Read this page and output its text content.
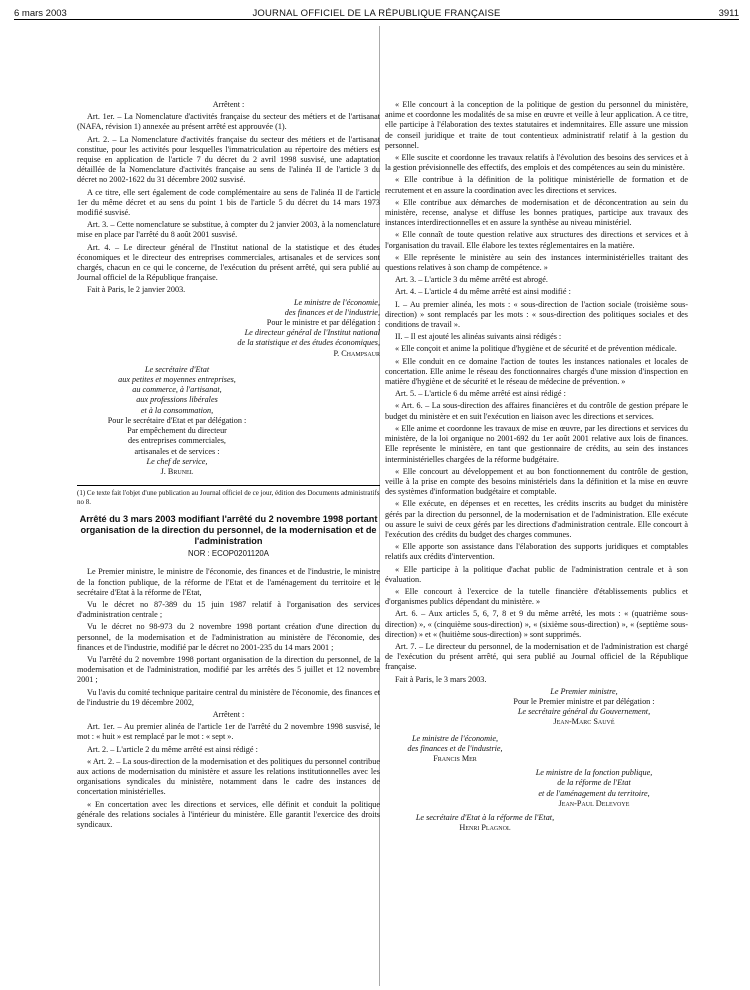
6 mars 2003	JOURNAL OFFICIEL DE LA RÉPUBLIQUE FRANÇAISE	3911

Arrêtent :

Art. 1er. – La Nomenclature d'activités française du secteur des métiers et de l'artisanat (NAFA, révision 1) annexée au présent arrêté est approuvée (1).

Art. 2. – La Nomenclature d'activités française du secteur des métiers et de l'artisanat constitue, pour les activités pour lesquelles l'immatriculation au répertoire des métiers est requise en application de l'article 7 du décret du 2 avril 1998 susvisé, une adaptation détaillée de la Nomenclature d'activités française au sens de l'alinéa II de l'article 3 du décret no 2002-1622 du 31 décembre 2002 susvisé.

A ce titre, elle sert également de code complémentaire au sens de l'alinéa II de l'article 1er du même décret et au sens du point 1 bis de l'article 5 du décret du 14 mars 1973 modifié susvisé.

Art. 3. – Cette nomenclature se substitue, à compter du 2 janvier 2003, à la nomenclature mise en place par l'arrêté du 8 août 2001 susvisé.

Art. 4. – Le directeur général de l'Institut national de la statistique et des études économiques et le directeur des entreprises commerciales, artisanales et de services sont chargés, chacun en ce qui le concerne, de l'exécution du présent arrêté, qui sera publié au Journal officiel de la République française.

Fait à Paris, le 2 janvier 2003.

Le ministre de l'économie,
des finances et de l'industrie,
Pour le ministre et par délégation :
Le directeur général de l'Institut national
de la statistique et des études économiques,
P. Champsaur
Le secrétaire d'Etat
aux petites et moyennes entreprises,
au commerce, à l'artisanat,
aux professions libérales
et à la consommation,
Pour le secrétaire d'Etat et par délégation :
Par empêchement du directeur
des entreprises commerciales,
artisanales et de services :
Le chef de service,
J. Brunel
(1) Ce texte fait l'objet d'une publication au Journal officiel de ce jour, édition des Documents administratifs no 8.
Arrêté du 3 mars 2003 modifiant l'arrêté du 2 novembre 1998 portant organisation de la direction du personnel, de la modernisation et de l'administration
NOR : ECOP0201120A

Le Premier ministre, le ministre de l'économie, des finances et de l'industrie, le ministre de la fonction publique, de la réforme de l'Etat et de l'aménagement du territoire et le secrétaire d'Etat à la réforme de l'Etat,

Vu le décret no 87-389 du 15 juin 1987 relatif à l'organisation des services d'administration centrale ;

Vu le décret no 98-973 du 2 novembre 1998 portant création d'une direction du personnel, de la modernisation et de l'administration au ministère de l'économie, des finances et de l'industrie, modifié par le décret no 2001-235 du 14 mars 2001 ;

Vu l'arrêté du 2 novembre 1998 portant organisation de la direction du personnel, de la modernisation et de l'administration, modifié par les arrêtés des 5 juillet et 12 novembre 2001 ;

Vu l'avis du comité technique paritaire central du ministère de l'économie, des finances et de l'industrie du 19 décembre 2002,

Arrêtent :

Art. 1er. – Au premier alinéa de l'article 1er de l'arrêté du 2 novembre 1998 susvisé, le mot : « huit » est remplacé par le mot : « sept ».

Art. 2. – L'article 2 du même arrêté est ainsi rédigé :

« Art. 2. – La sous-direction de la modernisation et des politiques du personnel contribue aux actions de modernisation du ministère et assure les relations institutionnelles avec les organisations syndicales du ministère, notamment dans le cadre des instances de concertation ministérielles.

« En concertation avec les directions et services, elle définit et conduit la politique générale des relations sociales à l'intérieur du ministère. Elle garantit l'exercice des droits syndicaux.

« Elle concourt à la conception de la politique de gestion du personnel du ministère, anime et coordonne les modalités de sa mise en œuvre et veille à leur application. A ce titre, elle participe à l'élaboration des textes statutaires et indemnitaires. Elle assure une mission de conseil juridique et traite de tout contentieux administratif relatif à la gestion du personnel.

« Elle suscite et coordonne les travaux relatifs à l'évolution des besoins des services et à la gestion prévisionnelle des effectifs, des emplois et des compétences au sein du ministère.

« Elle contribue à la définition de la politique ministérielle de formation et de recrutement et en assure la coordination avec les directions et services.

« Elle contribue aux démarches de modernisation et de déconcentration au sein du ministère, recense, analyse et diffuse les bonnes pratiques, participe aux travaux des instances interdirectionnelles et en assure la synthèse au niveau ministériel.

« Elle connaît de toute question relative aux structures des directions et services et à l'organisation du travail. Elle élabore les textes réglementaires en la matière.

« Elle représente le ministère au sein des instances interministérielles traitant des questions relatives à son champ de compétence. »

Art. 3. – L'article 3 du même arrêté est abrogé.

Art. 4. – L'article 4 du même arrêté est ainsi modifié :

I. – Au premier alinéa, les mots : « sous-direction de l'action sociale (troisième sous-direction) » sont remplacés par les mots : « sous-direction des politiques sociales et des conditions de travail ».

II. – Il est ajouté les alinéas suivants ainsi rédigés :

« Elle conçoit et anime la politique d'hygiène et de sécurité et de prévention médicale.

« Elle conduit en ce domaine l'action de toutes les instances nationales et locales de concertation. Elle anime le réseau des fonctionnaires chargés d'une mission d'inspection en matière d'hygiène et de sécurité et le réseau de médecine de prévention. »

Art. 5. – L'article 6 du même arrêté est ainsi rédigé :

« Art. 6. – La sous-direction des affaires financières et du contrôle de gestion prépare le budget du ministère et en suit l'exécution en liaison avec les directions et services.

« Elle anime et coordonne les travaux de mise en œuvre, par les directions et services du ministère, de la loi organique no 2001-692 du 1er août 2001 relative aux lois de finances. Elle représente le ministère, en tant que gestionnaire de crédits, au sein des instances interministérielles chargées de la réforme budgétaire.

« Elle concourt au développement et au bon fonctionnement du contrôle de gestion, veille à la prise en compte des besoins ministériels dans la définition et la mise en œuvre des systèmes d'information budgétaire et comptable.

« Elle exécute, en dépenses et en recettes, les crédits inscrits au budget du ministère gérés par la direction du personnel, de la modernisation et de l'administration. Elle exécute ou assure le suivi de ceux gérés par les directions d'administration centrale. Elle concourt à l'exécution des crédits du budget des charges communes.

« Elle apporte son assistance dans l'élaboration des supports juridiques et comptables relatifs aux crédits d'intervention.

« Elle participe à la politique d'achat public de l'administration centrale et à son évaluation.

« Elle concourt à l'exercice de la tutelle financière d'établissements publics et d'organismes publics dépendant du ministère. »

Art. 6. – Aux articles 5, 6, 7, 8 et 9 du même arrêté, les mots : « (quatrième sous-direction) », « (cinquième sous-direction) », « (sixième sous-direction) », « (septième sous-direction) » et « (huitième sous-direction) » sont supprimés.

Art. 7. – Le directeur du personnel, de la modernisation et de l'administration est chargé de l'exécution du présent arrêté, qui sera publié au Journal officiel de la République française.

Fait à Paris, le 3 mars 2003.

Le Premier ministre,
Pour le Premier ministre et par délégation :
Le secrétaire général du Gouvernement,
Jean-Marc Sauvé
Le ministre de l'économie,
des finances et de l'industrie,
Francis Mer
Le ministre de la fonction publique,
de la réforme de l'Etat
et de l'aménagement du territoire,
Jean-Paul Delevoye
Le secrétaire d'Etat à la réforme de l'Etat,
Henri Plagnol
